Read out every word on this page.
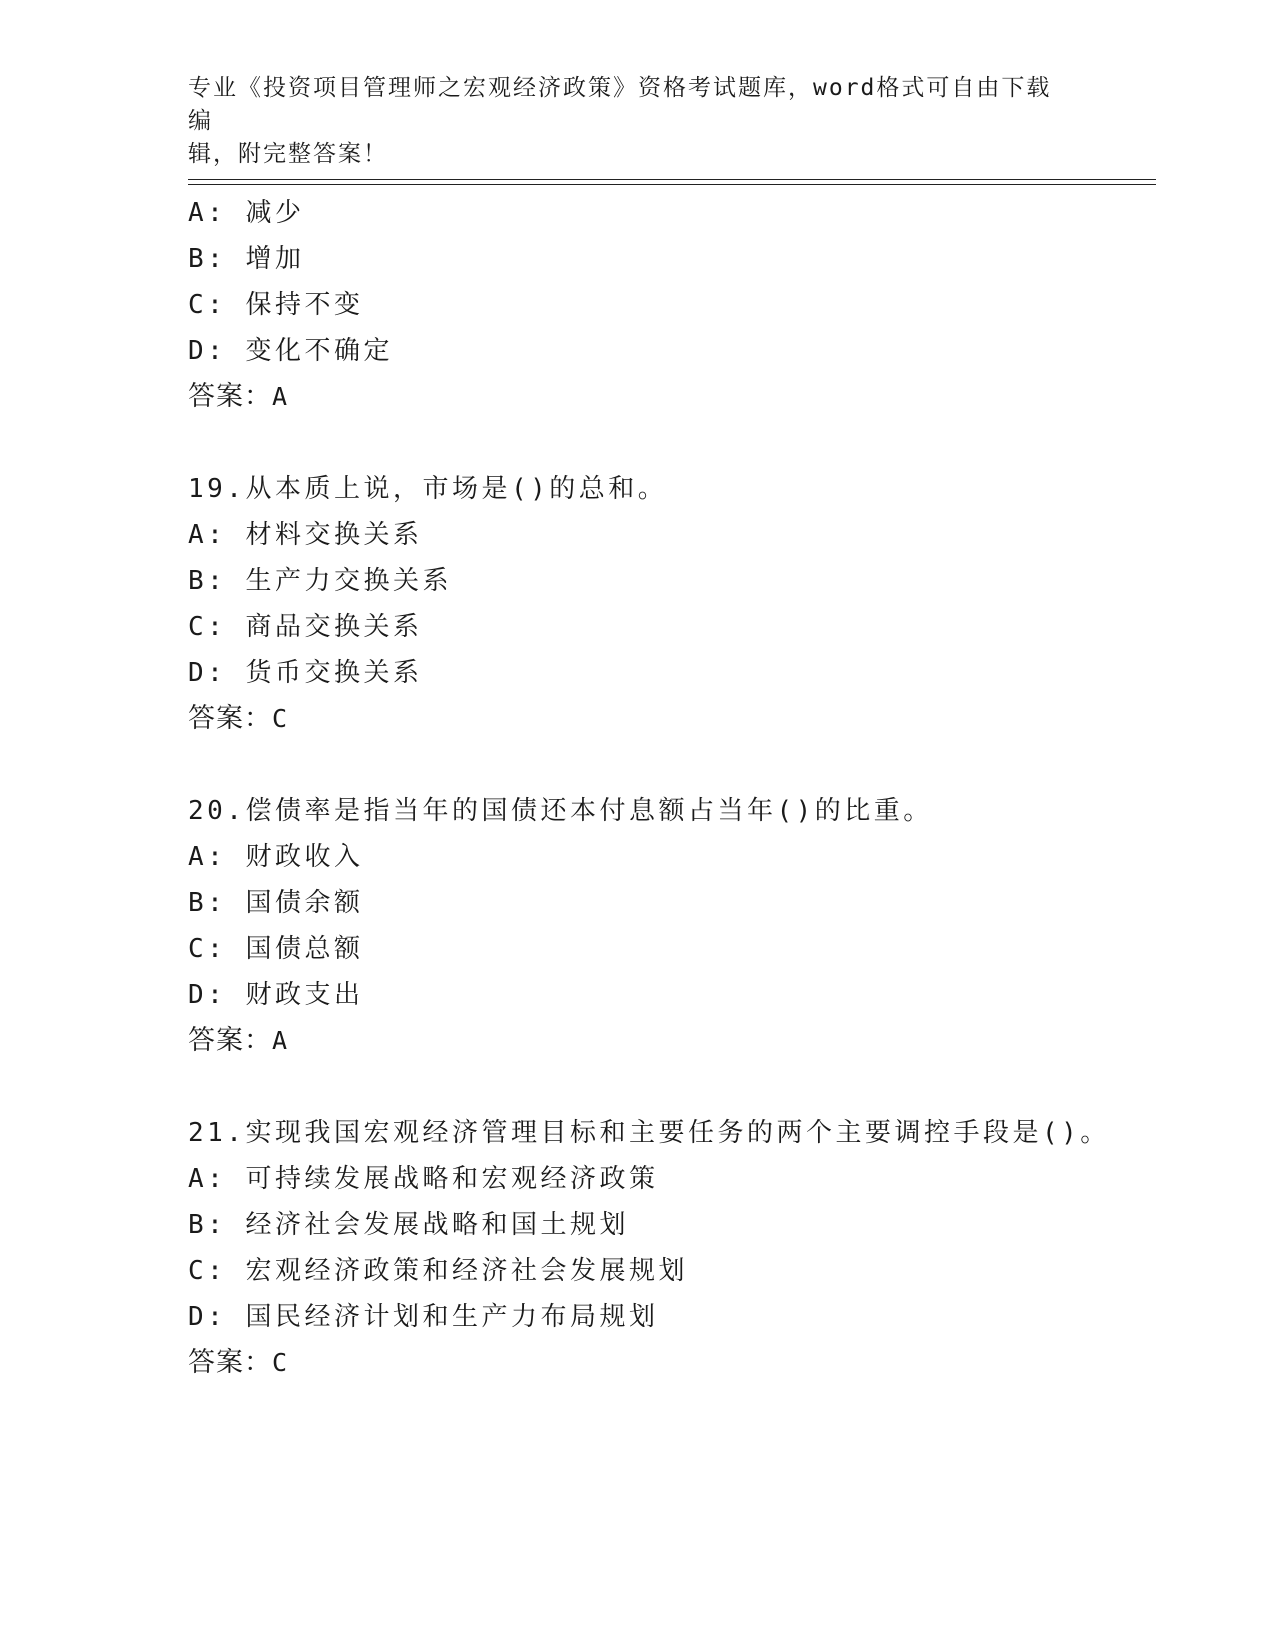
专业《投资项目管理师之宏观经济政策》资格考试题库，word格式可自由下载编
辑，附完整答案！
A: 减少
B: 增加
C: 保持不变
D: 变化不确定
答案：A
19.从本质上说，市场是()的总和。
A: 材料交换关系
B: 生产力交换关系
C: 商品交换关系
D: 货币交换关系
答案：C
20.偿债率是指当年的国债还本付息额占当年()的比重。
A: 财政收入
B: 国债余额
C: 国债总额
D: 财政支出
答案：A
21.实现我国宏观经济管理目标和主要任务的两个主要调控手段是()。
A: 可持续发展战略和宏观经济政策
B: 经济社会发展战略和国土规划
C: 宏观经济政策和经济社会发展规划
D: 国民经济计划和生产力布局规划
答案：C
